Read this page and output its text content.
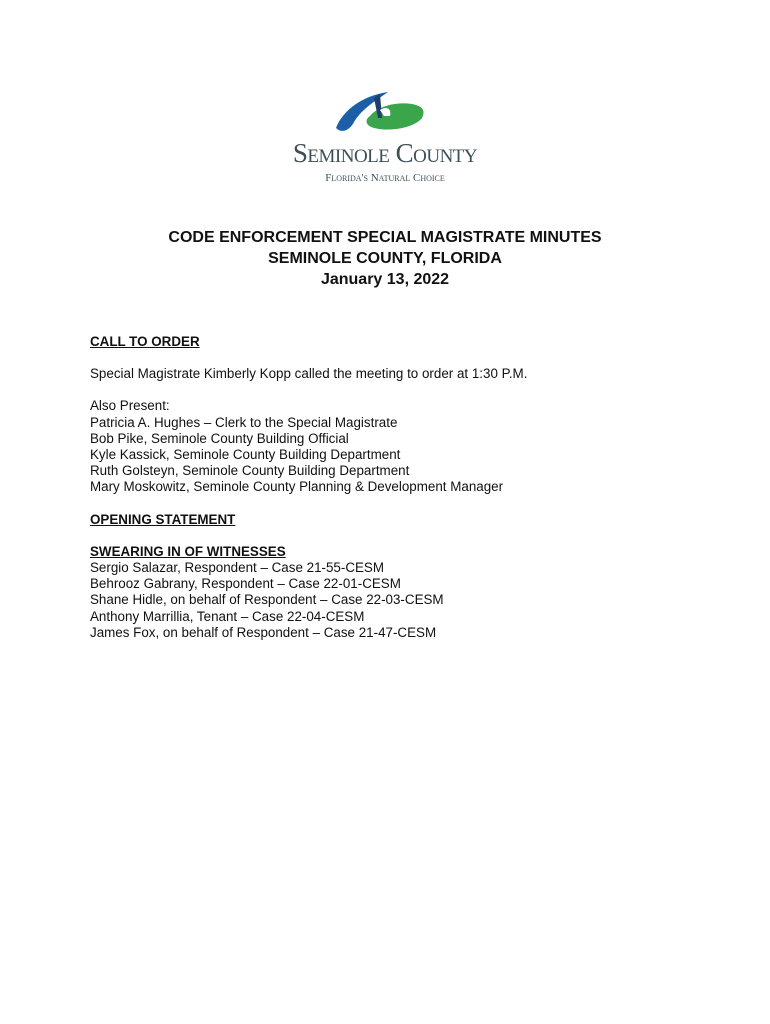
Seminole County
Florida's Natural Choice
CODE ENFORCEMENT SPECIAL MAGISTRATE MINUTES
SEMINOLE COUNTY, FLORIDA
January 13, 2022
CALL TO ORDER
Special Magistrate Kimberly Kopp called the meeting to order at 1:30 P.M.
Also Present:
Patricia A. Hughes – Clerk to the Special Magistrate
Bob Pike, Seminole County Building Official
Kyle Kassick, Seminole County Building Department
Ruth Golsteyn, Seminole County Building Department
Mary Moskowitz, Seminole County Planning & Development Manager
OPENING STATEMENT
SWEARING IN OF WITNESSES
Sergio Salazar, Respondent – Case 21-55-CESM
Behrooz Gabrany, Respondent – Case 22-01-CESM
Shane Hidle, on behalf of Respondent – Case 22-03-CESM
Anthony Marrillia, Tenant – Case 22-04-CESM
James Fox, on behalf of Respondent – Case 21-47-CESM
